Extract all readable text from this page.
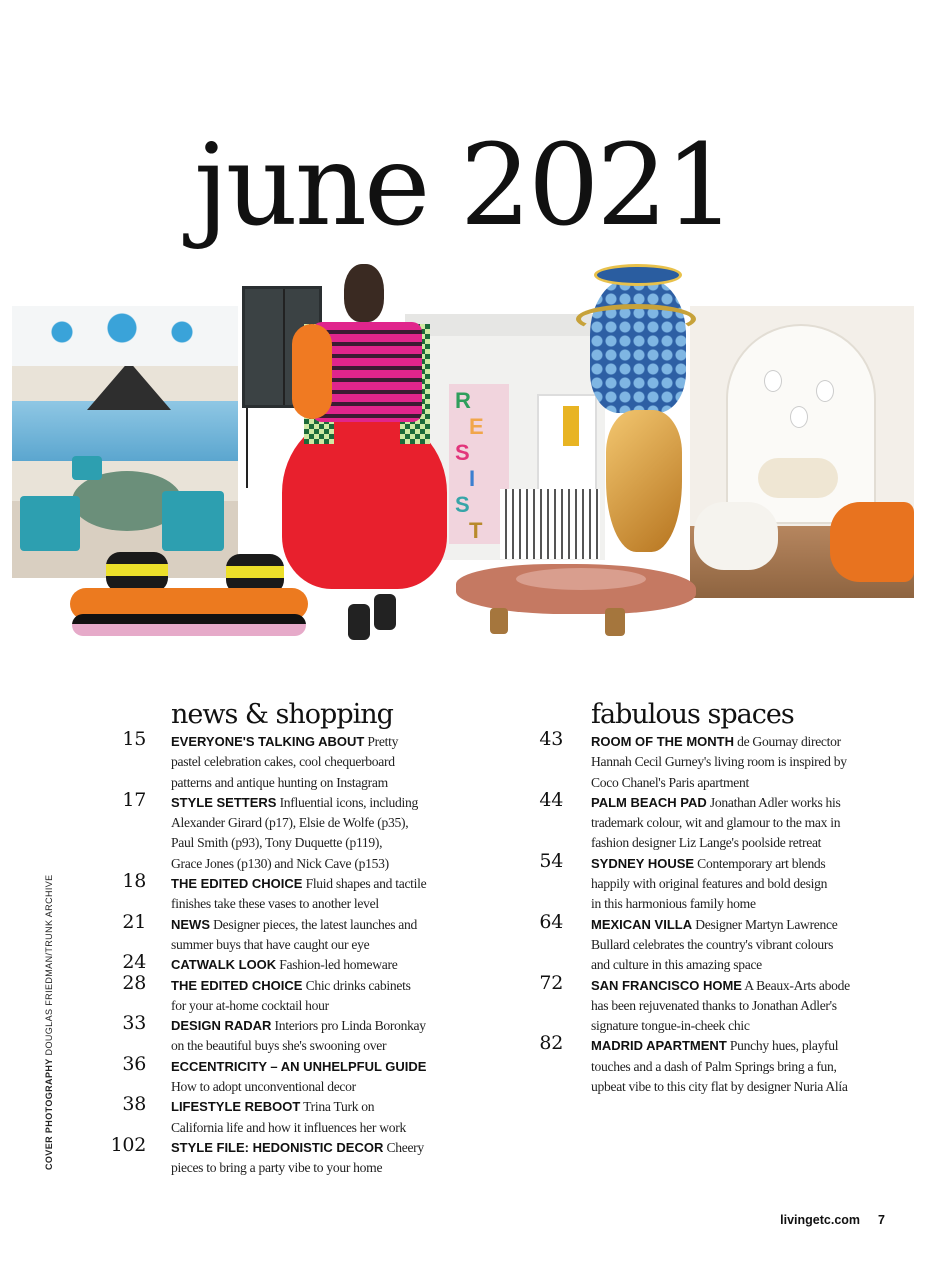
june 2021
R
E
S
I
S
T
news & shopping
15 EVERYONE'S TALKING ABOUT Pretty
pastel celebration cakes, cool chequerboard
patterns and antique hunting on Instagram
17 STYLE SETTERS Influential icons, including
Alexander Girard (p17), Elsie de Wolfe (p35),
Paul Smith (p93), Tony Duquette (p119),
Grace Jones (p130) and Nick Cave (p153)
18 THE EDITED CHOICE Fluid shapes and tactile
finishes take these vases to another level
21 NEWS Designer pieces, the latest launches and
summer buys that have caught our eye
24 CATWALK LOOK Fashion-led homeware
28 THE EDITED CHOICE Chic drinks cabinets
for your at-home cocktail hour
33 DESIGN RADAR Interiors pro Linda Boronkay
on the beautiful buys she's swooning over
36 ECCENTRICITY – AN UNHELPFUL GUIDE
How to adopt unconventional decor
38 LIFESTYLE REBOOT Trina Turk on
California life and how it influences her work
102 STYLE FILE: HEDONISTIC DECOR Cheery
pieces to bring a party vibe to your home
fabulous spaces
43 ROOM OF THE MONTH de Gournay director
Hannah Cecil Gurney's living room is inspired by
Coco Chanel's Paris apartment
44 PALM BEACH PAD Jonathan Adler works his
trademark colour, wit and glamour to the max in
fashion designer Liz Lange's poolside retreat
54 SYDNEY HOUSE Contemporary art blends
happily with original features and bold design
in this harmonious family home
64 MEXICAN VILLA Designer Martyn Lawrence
Bullard celebrates the country's vibrant colours
and culture in this amazing space
72 SAN FRANCISCO HOME A Beaux-Arts abode
has been rejuvenated thanks to Jonathan Adler's
signature tongue-in-cheek chic
82 MADRID APARTMENT Punchy hues, playful
touches and a dash of Palm Springs bring a fun,
upbeat vibe to this city flat by designer Nuria Alía
COVER PHOTOGRAPHY DOUGLAS FRIEDMAN/TRUNK ARCHIVE
livingetc.com 7
